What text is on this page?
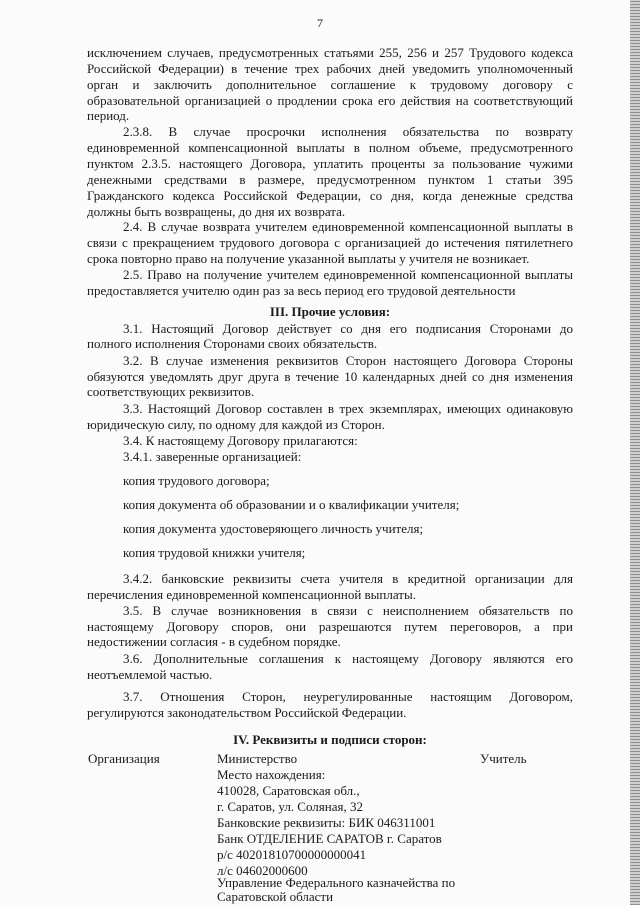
7
исключением случаев, предусмотренных статьями 255, 256 и 257 Трудового кодекса
Российской Федерации) в течение трех рабочих дней уведомить уполномоченный
орган и заключить дополнительное соглашение к трудовому договору с
образовательной организацией о продлении срока его действия на соответствующий
период.
2.3.8. В случае просрочки исполнения обязательства по возврату
единовременной компенсационной выплаты в полном объеме, предусмотренного
пунктом 2.3.5. настоящего Договора, уплатить проценты за пользование чужими
денежными средствами в размере, предусмотренном пунктом 1 статьи 395
Гражданского кодекса Российской Федерации, со дня, когда денежные средства
должны быть возвращены, до дня их возврата.
2.4. В случае возврата учителем единовременной компенсационной выплаты в
связи с прекращением трудового договора с организацией до истечения пятилетнего
срока повторно право на получение указанной выплаты у учителя не возникает.
2.5. Право на получение учителем единовременной компенсационной выплаты
предоставляется учителю один раз за весь период его трудовой деятельности
III. Прочие условия:
3.1. Настоящий Договор действует со дня его подписания Сторонами до
полного исполнения Сторонами своих обязательств.
3.2. В случае изменения реквизитов Сторон настоящего Договора Стороны
обязуются уведомлять друг друга в течение 10 календарных дней со дня изменения
соответствующих реквизитов.
3.3. Настоящий Договор составлен в трех экземплярах, имеющих одинаковую
юридическую силу, по одному для каждой из Сторон.
3.4. К настоящему Договору прилагаются:
3.4.1. заверенные организацией:
копия трудового договора;
копия документа об образовании и о квалификации учителя;
копия документа удостоверяющего личность учителя;
копия трудовой книжки учителя;
3.4.2. банковские реквизиты счета учителя в кредитной организации для
перечисления единовременной компенсационной выплаты.
3.5. В случае возникновения в связи с неисполнением обязательств по
настоящему Договору споров, они разрешаются путем переговоров, а при
недостижении согласия - в судебном порядке.
3.6. Дополнительные соглашения к настоящему Договору являются его
неотъемлемой частью.
3.7. Отношения Сторон, неурегулированные настоящим Договором,
регулируются законодательством Российской Федерации.
IV. Реквизиты и подписи сторон:
Организация	Учитель
Министерство
Место нахождения:
410028, Саратовская обл.,
г. Саратов, ул. Соляная, 32
Банковские реквизиты: БИК 046311001
Банк ОТДЕЛЕНИЕ САРАТОВ г. Саратов
р/с 40201810700000000041
л/с 04602000600
Управление Федерального казначейства по
Саратовской области
